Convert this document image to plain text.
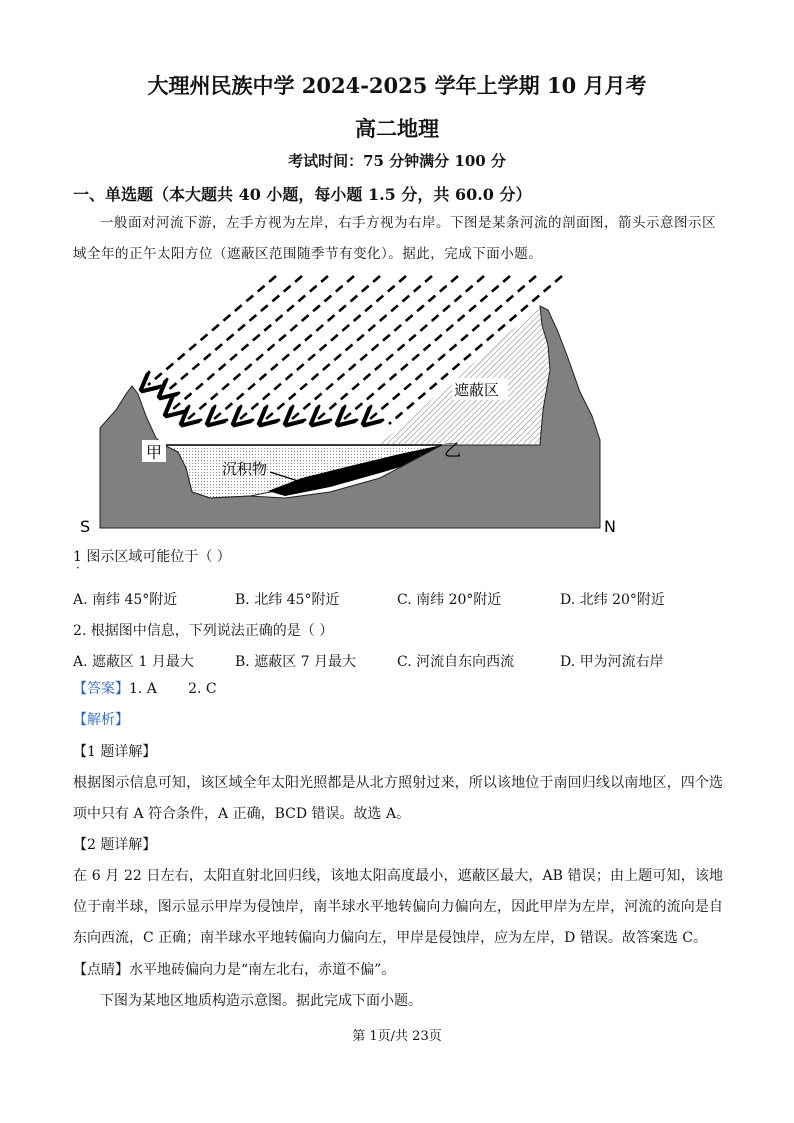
大理州民族中学 2024-2025 学年上学期 10 月月考
高二地理
考试时间：75 分钟满分 100 分
一、单选题（本大题共 40 小题，每小题 1.5 分，共 60.0 分）
一般面对河流下游，左手方视为左岸，右手方视为右岸。下图是某条河流的剖面图，箭头示意图示区域全年的正午太阳方位（遮蔽区范围随季节有变化）。据此，完成下面小题。
甲	乙
遮蔽区
沉积物
S	N
1 图示区域可能位于（ ）
·
A. 南纬 45°附近	B. 北纬 45°附近	C. 南纬 20°附近	D. 北纬 20°附近
2. 根据图中信息，下列说法正确的是（ ）
A. 遮蔽区 1 月最大	B. 遮蔽区 7 月最大	C. 河流自东向西流	D. 甲为河流右岸
【答案】1. A       2. C
【解析】
【1 题详解】
根据图示信息可知，该区域全年太阳光照都是从北方照射过来，所以该地位于南回归线以南地区，四个选项中只有 A 符合条件，A 正确，BCD 错误。故选 A。
【2 题详解】
在 6 月 22 日左右，太阳直射北回归线，该地太阳高度最小，遮蔽区最大，AB 错误；由上题可知，该地位于南半球，图示显示甲岸为侵蚀岸，南半球水平地转偏向力偏向左，因此甲岸为左岸，河流的流向是自东向西流，C 正确；南半球水平地转偏向力偏向左，甲岸是侵蚀岸，应为左岸，D 错误。故答案选 C。
【点睛】水平地砖偏向力是“南左北右，赤道不偏”。
下图为某地区地质构造示意图。据此完成下面小题。
第 1页/共 23页
